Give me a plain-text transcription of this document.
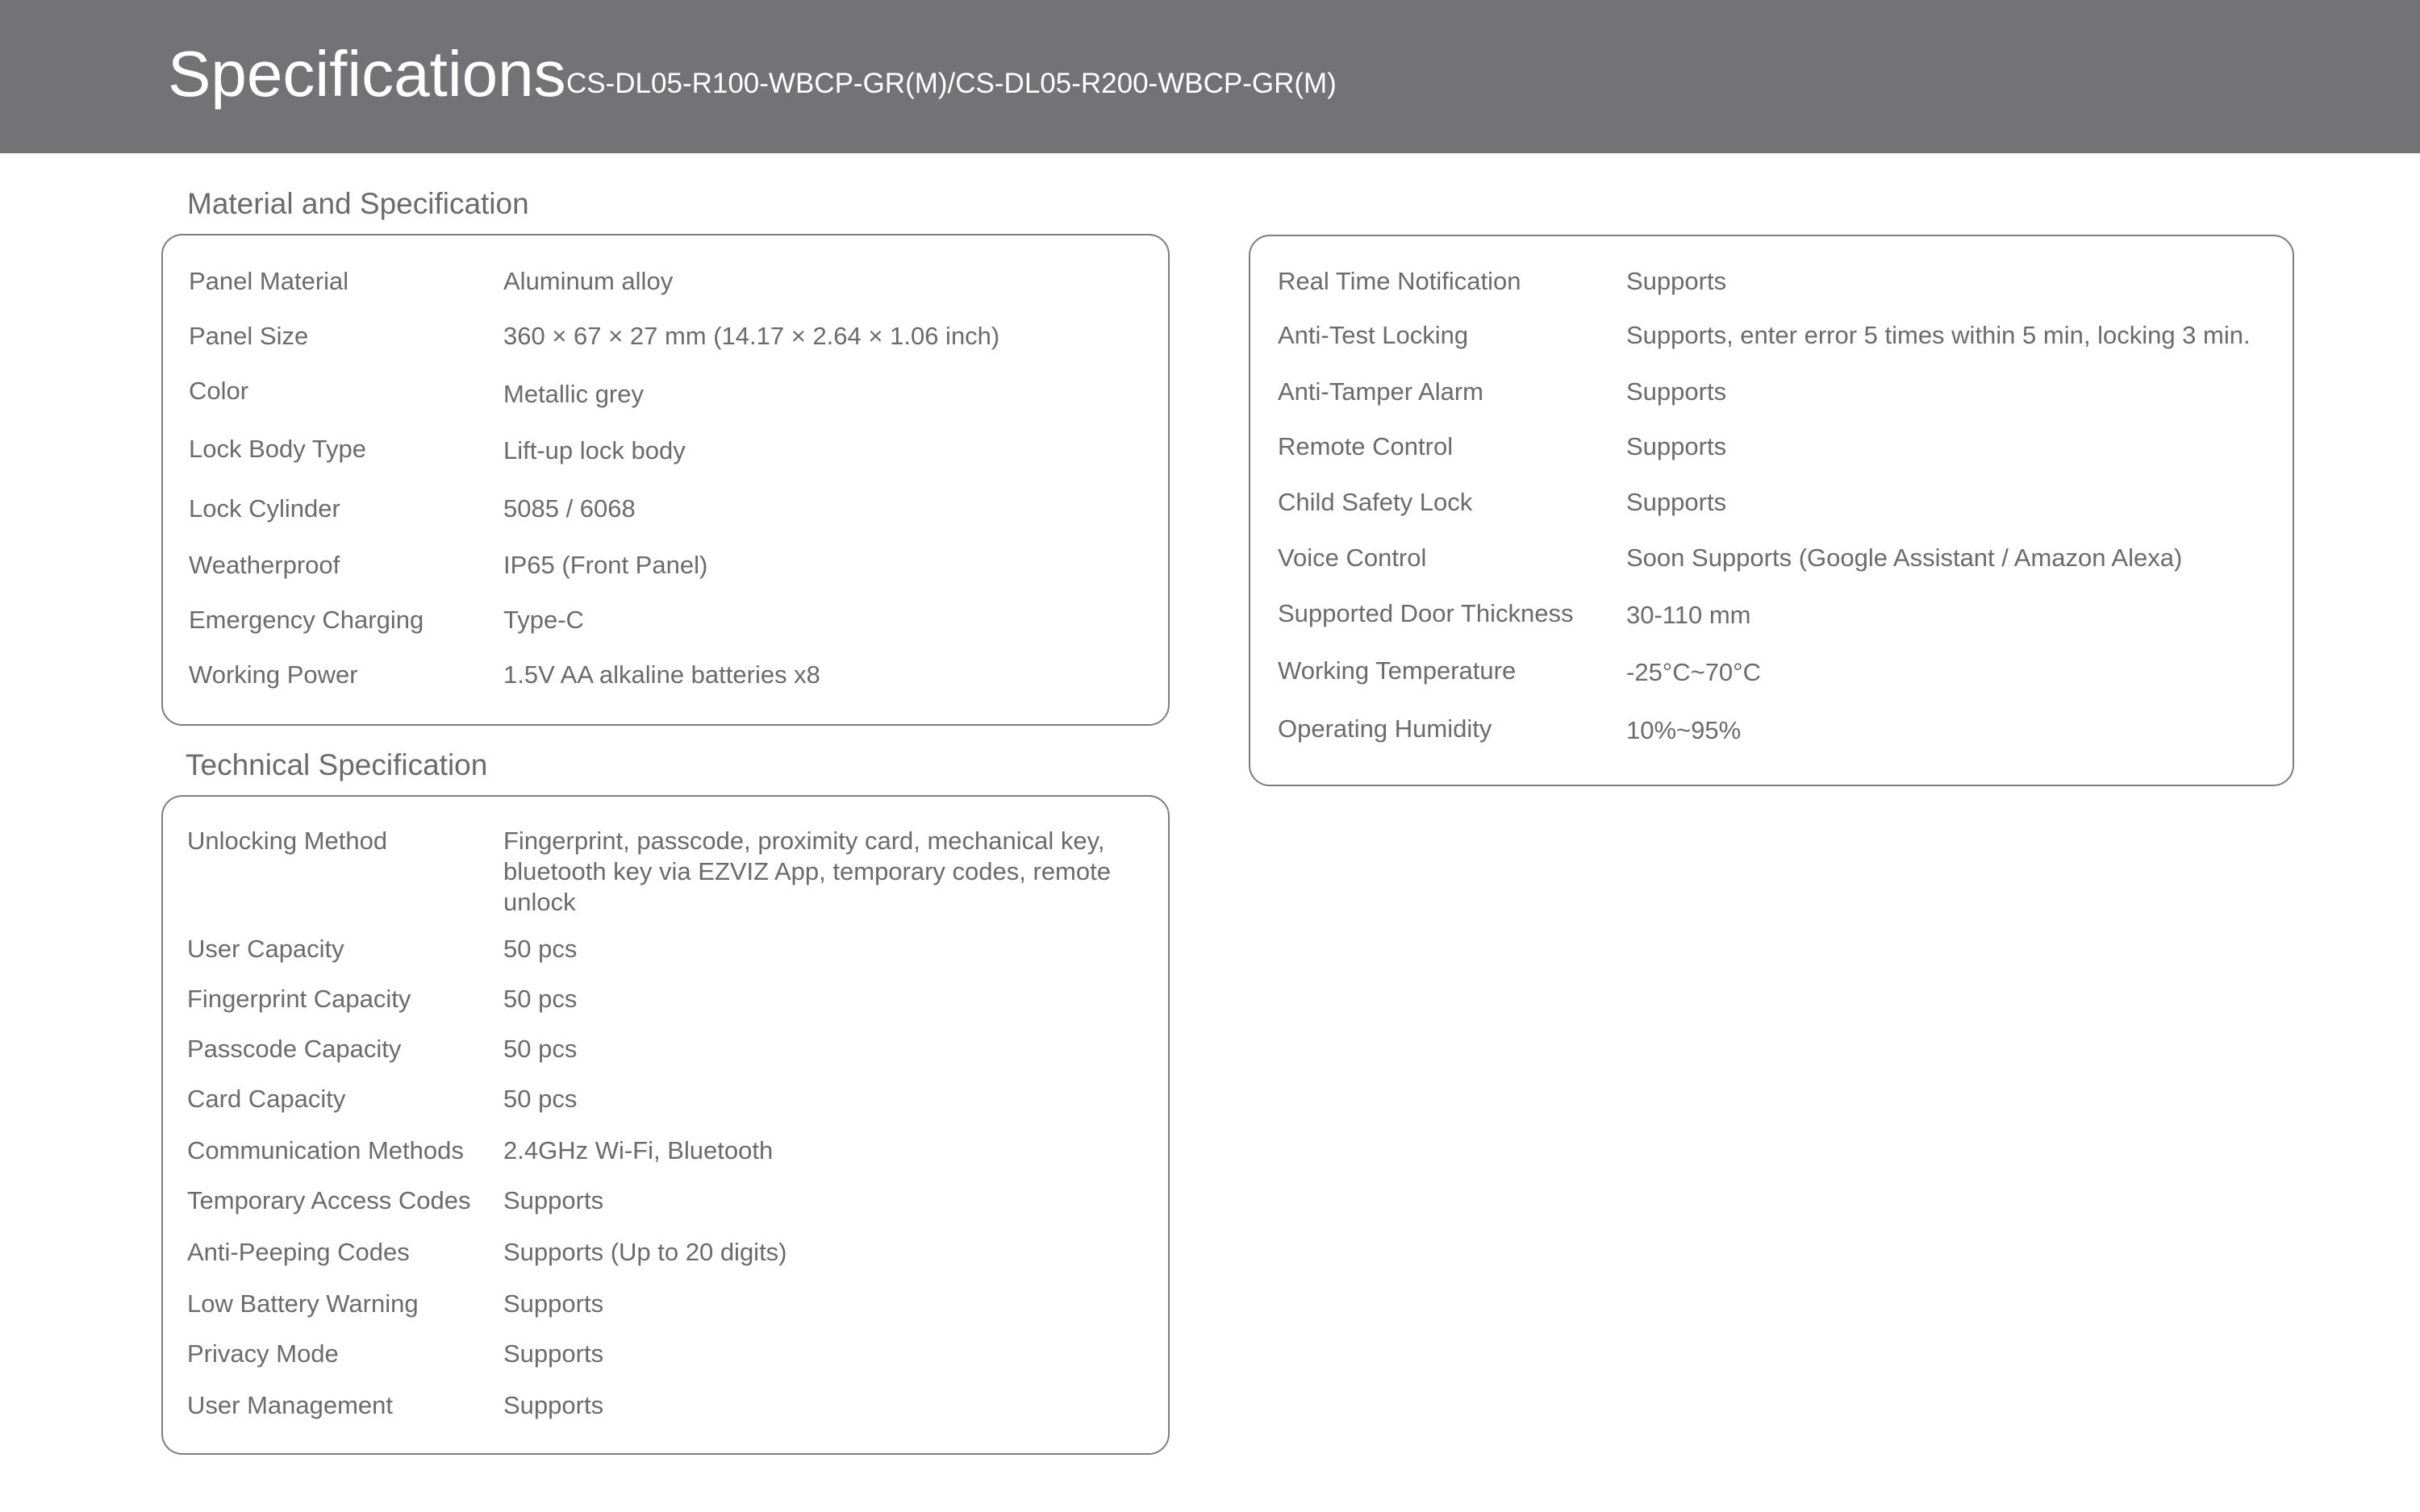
Specifications CS-DL05-R100-WBCP-GR(M)/CS-DL05-R200-WBCP-GR(M)
Material and Specification
Panel Material	Aluminum alloy
Panel Size	360 × 67 × 27 mm (14.17 × 2.64 × 1.06 inch)
Color	Metallic grey
Lock Body Type	Lift-up lock body
Lock Cylinder	5085 / 6068
Weatherproof	IP65 (Front Panel)
Emergency Charging	Type-C
Working Power	1.5V AA alkaline batteries x8
Technical Specification
Unlocking Method	Fingerprint, passcode, proximity card, mechanical key, bluetooth key via EZVIZ App, temporary codes, remote unlock
User Capacity	50 pcs
Fingerprint Capacity	50 pcs
Passcode Capacity	50 pcs
Card Capacity	50 pcs
Communication Methods 2.4GHz Wi-Fi, Bluetooth
Temporary Access Codes Supports
Anti-Peeping Codes	Supports (Up to 20 digits)
Low Battery Warning	Supports
Privacy Mode	Supports
User Management	Supports
Real Time Notification	Supports
Anti-Test Locking	Supports, enter error 5 times within 5 min, locking 3 min.
Anti-Tamper Alarm	Supports
Remote Control	Supports
Child Safety Lock	Supports
Voice Control	Soon Supports (Google Assistant / Amazon Alexa)
Supported Door Thickness 30-110 mm
Working Temperature	-25°C~70°C
Operating Humidity	10%~95%
